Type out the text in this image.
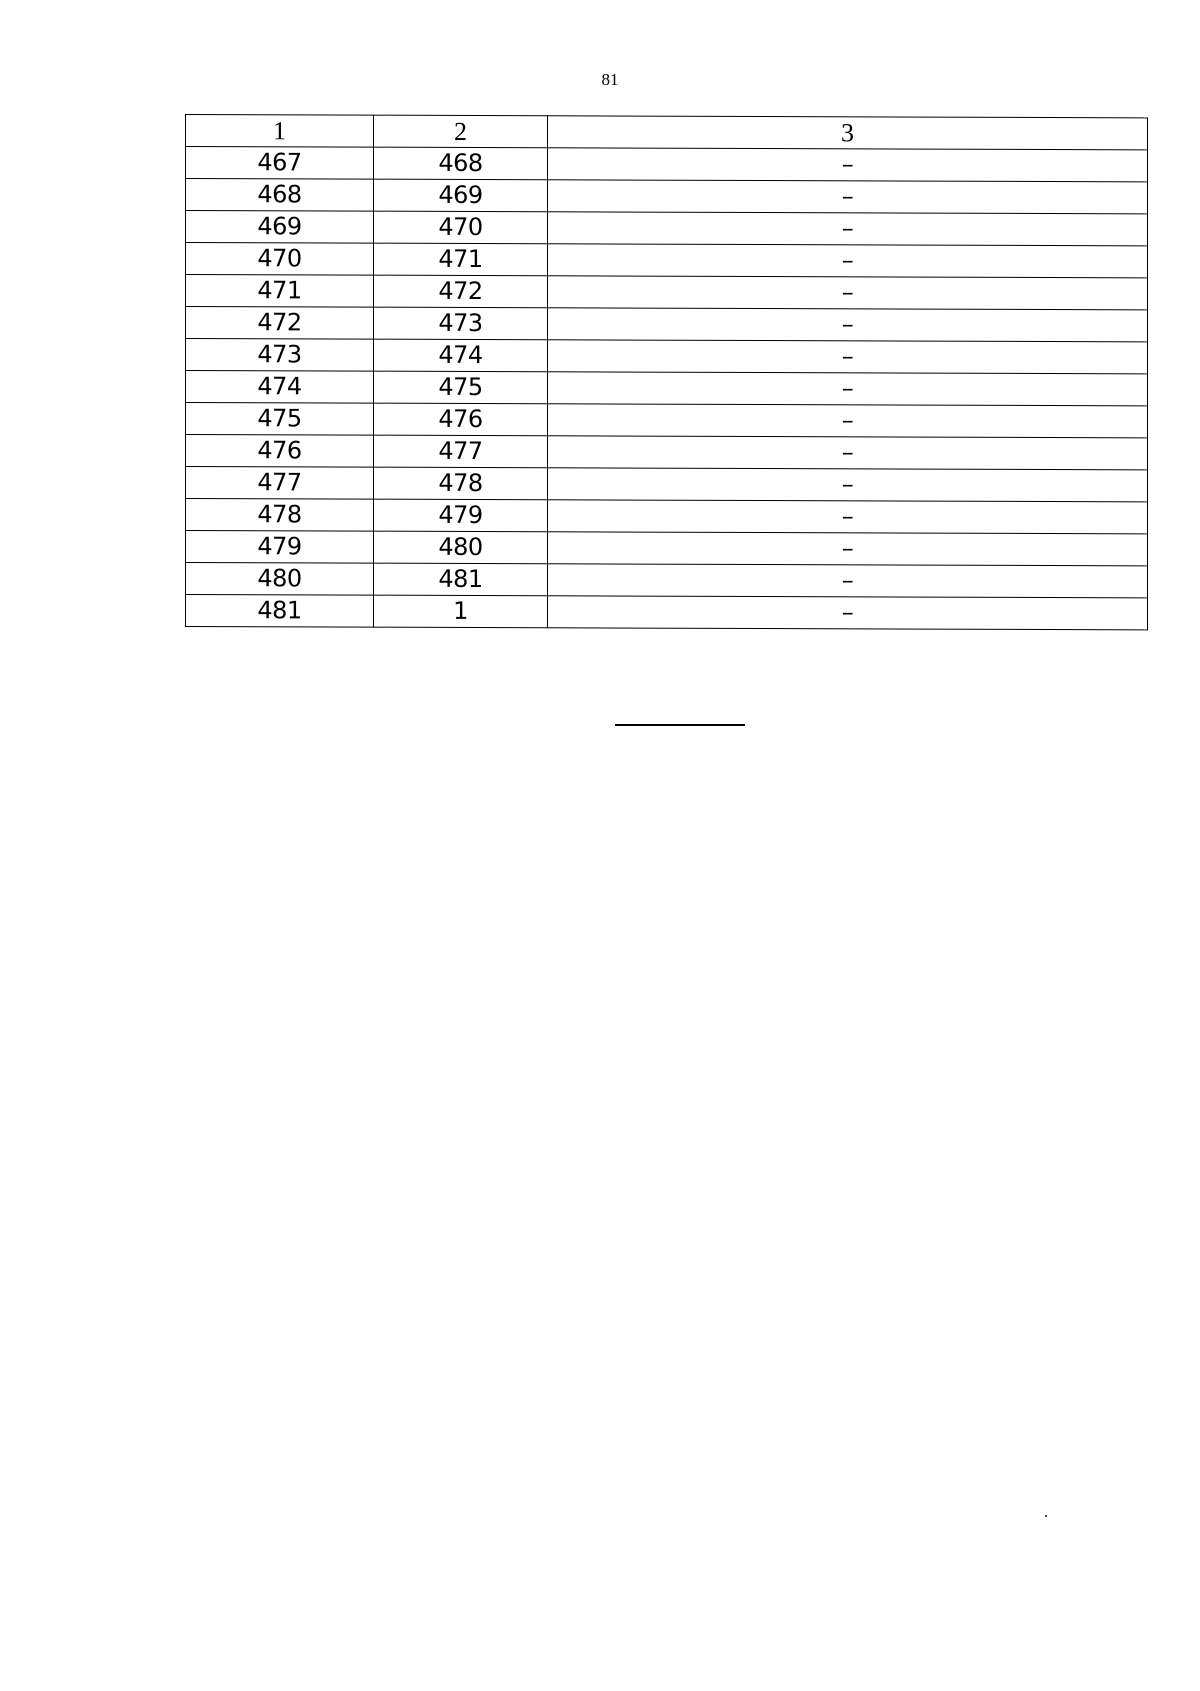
81
1	2	3
467	468	–
468	469	–
469	470	–
470	471	–
471	472	–
472	473	–
473	474	–
474	475	–
475	476	–
476	477	–
477	478	–
478	479	–
479	480	–
480	481	–
481	1	–
